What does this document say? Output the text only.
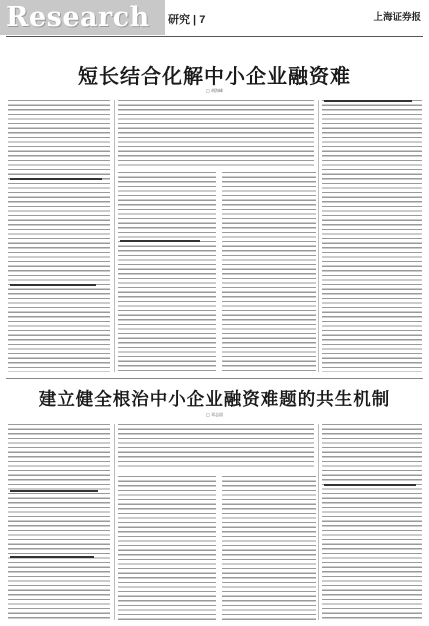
Research 研究 | 7	上海证券报
短长结合化解中小企业融资难
□ 胡海峰
建立健全根治中小企业融资难题的共生机制
□ 邓志国
